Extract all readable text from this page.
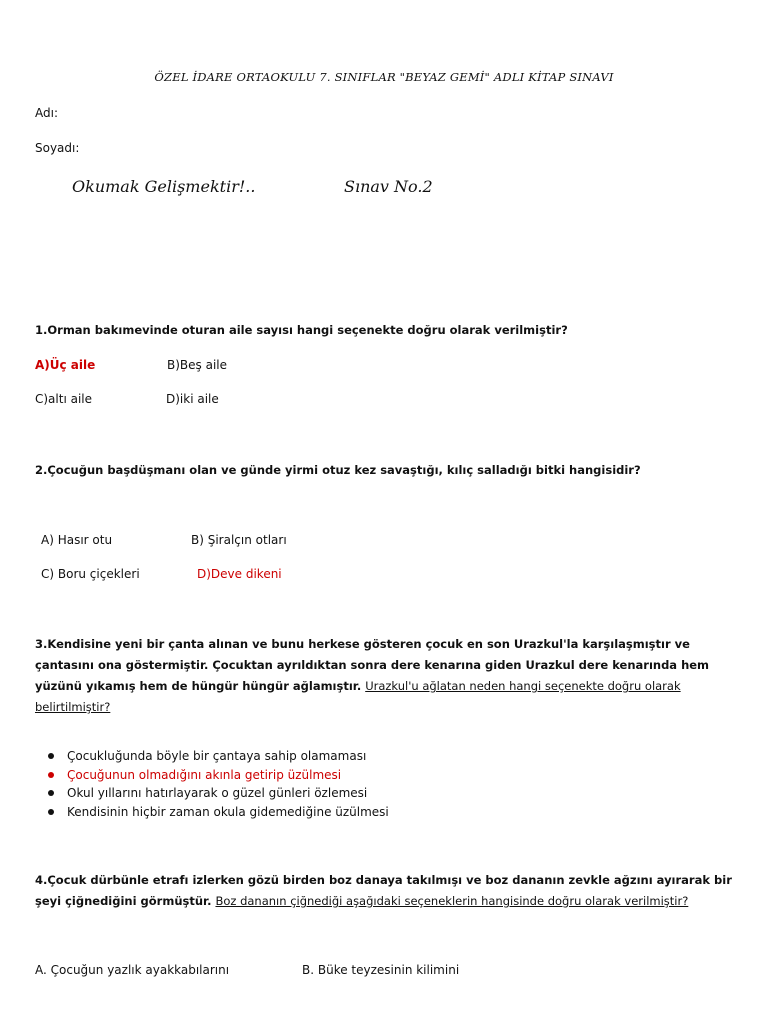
ÖZEL İDARE ORTAOKULU 7. SINIFLAR "BEYAZ GEMİ" ADLI KİTAP SINAVI
Adı:
Soyadı:
Okumak Gelişmektir!..	Sınav No.2
1.Orman bakımevinde oturan aile sayısı hangi seçenekte doğru olarak verilmiştir?
A)Üç aile	B)Beş aile
C)altı aile	D)iki aile
2.Çocuğun başdüşmanı olan ve günde yirmi otuz kez savaştığı, kılıç salladığı bitki hangisidir?
A) Hasır otu	B) Şiralçın otları
C) Boru çiçekleri	D)Deve dikeni
3.Kendisine yeni bir çanta alınan ve bunu herkese gösteren çocuk en son Urazkul'la karşılaşmıştır ve çantasını ona göstermiştir. Çocuktan ayrıldıktan sonra dere kenarına giden Urazkul dere kenarında hem yüzünü yıkamış hem de hüngür hüngür ağlamıştır. Urazkul'u ağlatan neden hangi seçenekte doğru olarak belirtilmiştir?
Çocukluğunda böyle bir çantaya sahip olamaması
Çocuğunun olmadığını akınla getirip üzülmesi
Okul yıllarını hatırlayarak o güzel günleri özlemesi
Kendisinin hiçbir zaman okula gidemediğine üzülmesi
4.Çocuk dürbünle etrafı izlerken gözü birden boz danaya takılmışı ve boz dananın zevkle ağzını ayırarak bir şeyi çiğnediğini görmüştür. Boz dananın çiğnediği aşağıdaki seçeneklerin hangisinde doğru olarak verilmiştir?
A. Çocuğun yazlık ayakkabılarını	B. Büke teyzesinin kilimini
